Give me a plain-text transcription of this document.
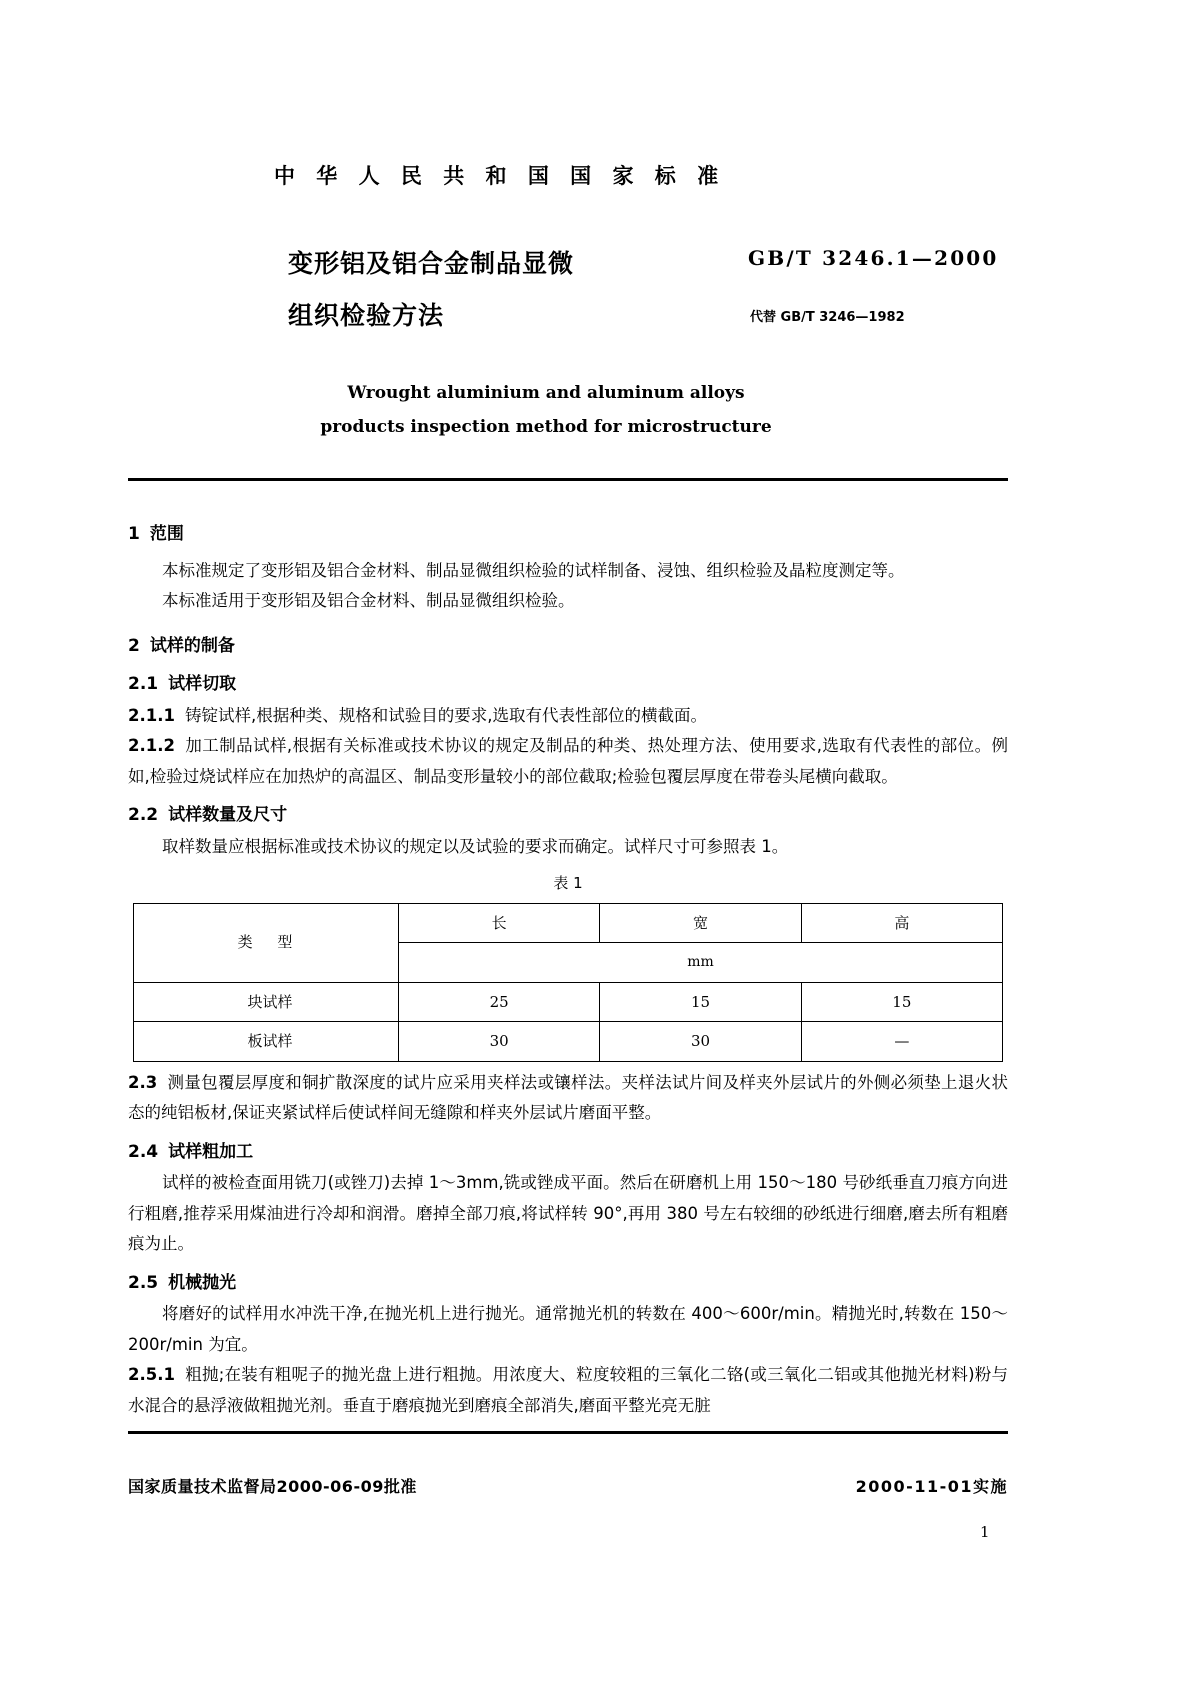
中 华 人 民 共 和 国 国 家 标 准
变形铝及铝合金制品显微
组织检验方法
GB/T 3246.1—2000
代替 GB/T 3246—1982
Wrought aluminium and aluminum alloys
products inspection method for microstructure
1 范围

本标准规定了变形铝及铝合金材料、制品显微组织检验的试样制备、浸蚀、组织检验及晶粒度测定等。

本标准适用于变形铝及铝合金材料、制品显微组织检验。

2 试样的制备
2.1 试样切取

2.1.1 铸锭试样,根据种类、规格和试验目的要求,选取有代表性部位的横截面。

2.1.2 加工制品试样,根据有关标准或技术协议的规定及制品的种类、热处理方法、使用要求,选取有代表性的部位。例如,检验过烧试样应在加热炉的高温区、制品变形量较小的部位截取;检验包覆层厚度在带卷头尾横向截取。

2.2 试样数量及尺寸

取样数量应根据标准或技术协议的规定以及试验的要求而确定。试样尺寸可参照表 1。

表 1
类 型	长	宽	高
	mm		
块试样	25	15	15
板试样	30	30	—

2.3 测量包覆层厚度和铜扩散深度的试片应采用夹样法或镶样法。夹样法试片间及样夹外层试片的外侧必须垫上退火状态的纯铝板材,保证夹紧试样后使试样间无缝隙和样夹外层试片磨面平整。

2.4 试样粗加工

试样的被检查面用铣刀(或锉刀)去掉 1～3mm,铣或锉成平面。然后在研磨机上用 150～180 号砂纸垂直刀痕方向进行粗磨,推荐采用煤油进行冷却和润滑。磨掉全部刀痕,将试样转 90°,再用 380 号左右较细的砂纸进行细磨,磨去所有粗磨痕为止。

2.5 机械抛光

将磨好的试样用水冲洗干净,在抛光机上进行抛光。通常抛光机的转数在 400～600r/min。精抛光时,转数在 150～200r/min 为宜。

2.5.1 粗抛;在装有粗呢子的抛光盘上进行粗抛。用浓度大、粒度较粗的三氧化二铬(或三氧化二铝或其他抛光材料)粉与水混合的悬浮液做粗抛光剂。垂直于磨痕抛光到磨痕全部消失,磨面平整光亮无脏

国家质量技术监督局2000-06-09批准	2000-11-01实施
1
